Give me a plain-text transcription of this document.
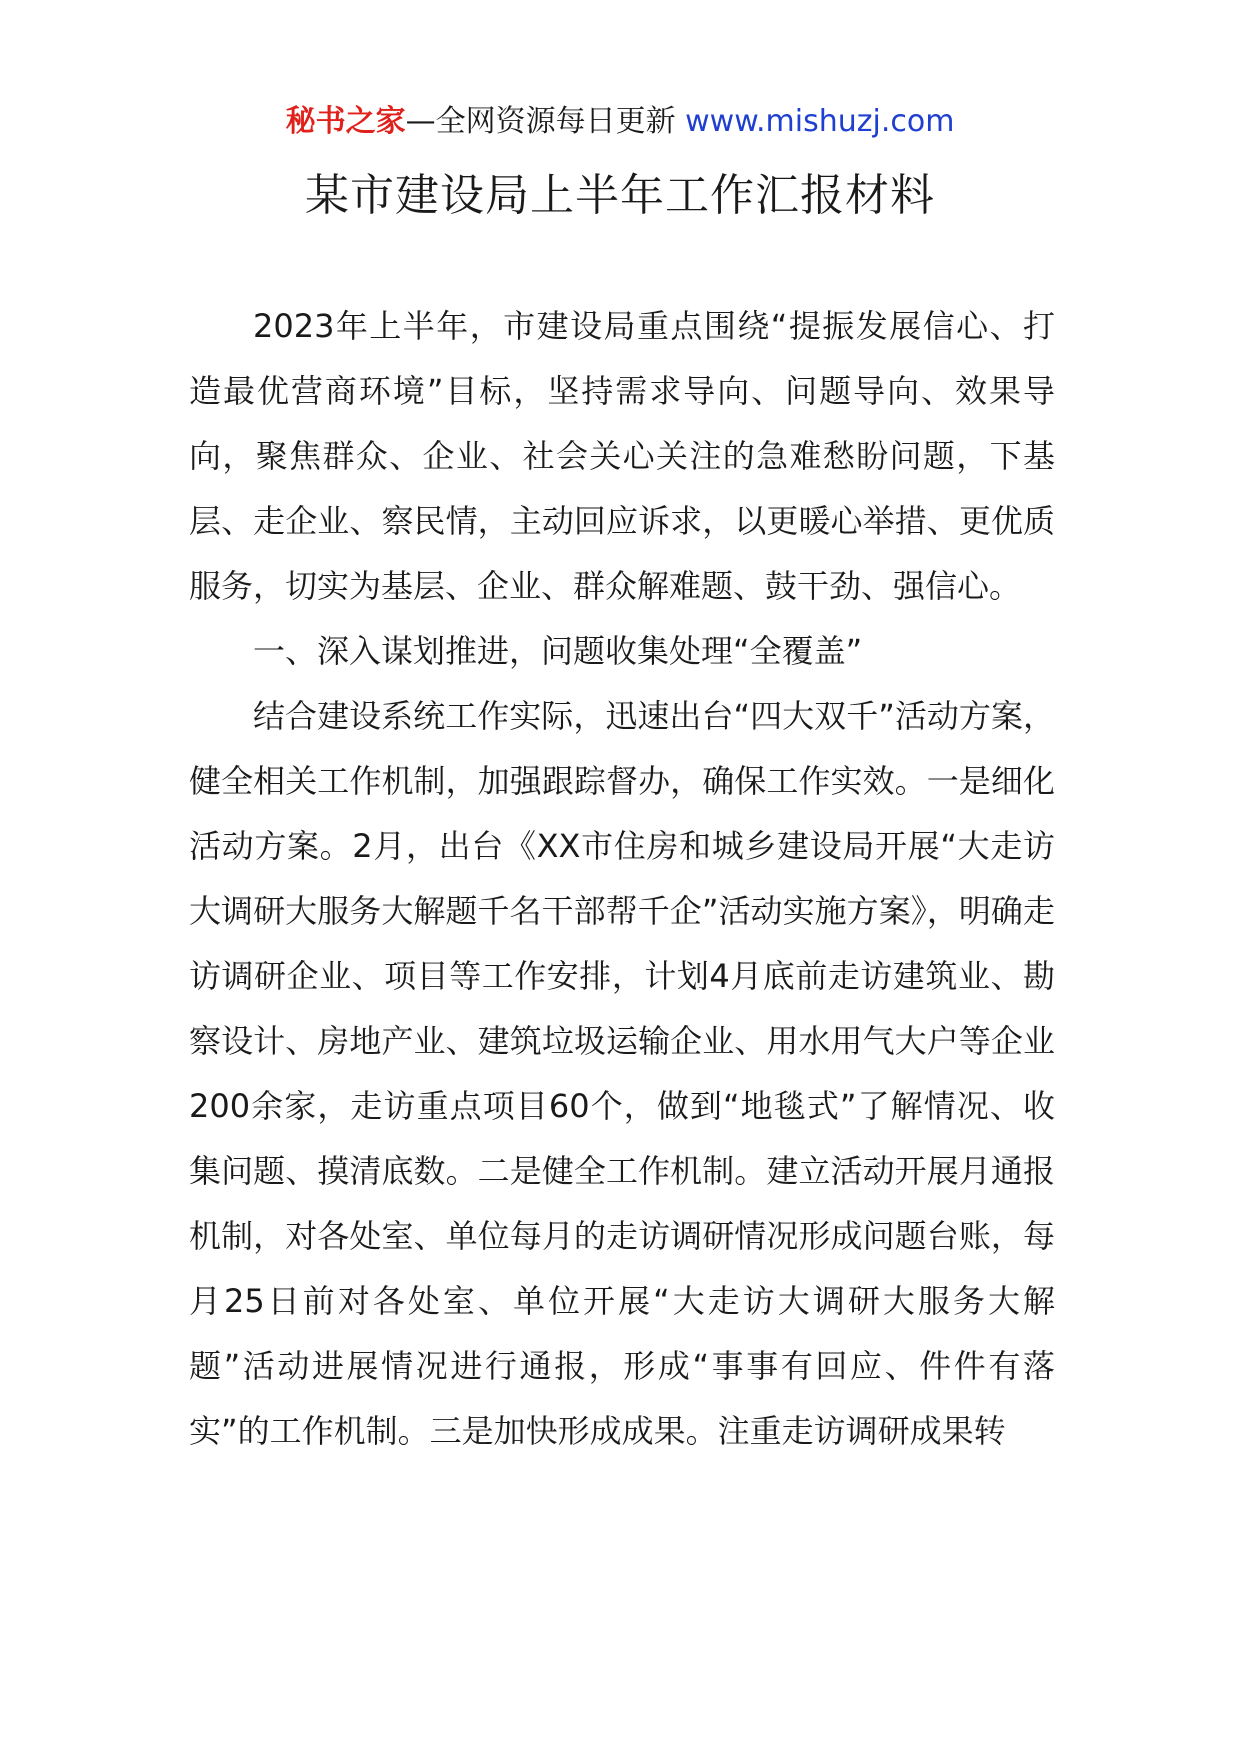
秘书之家—全网资源每日更新 www.mishuzj.com
某市建设局上半年工作汇报材料

2023年上半年，市建设局重点围绕“提振发展信心、打造最优营商环境”目标，坚持需求导向、问题导向、效果导向，聚焦群众、企业、社会关心关注的急难愁盼问题，下基层、走企业、察民情，主动回应诉求，以更暖心举措、更优质服务，切实为基层、企业、群众解难题、鼓干劲、强信心。

一、深入谋划推进，问题收集处理“全覆盖”

结合建设系统工作实际，迅速出台“四大双千”活动方案，健全相关工作机制，加强跟踪督办，确保工作实效。一是细化活动方案。2月，出台《XX市住房和城乡建设局开展“大走访大调研大服务大解题千名干部帮千企”活动实施方案》，明确走访调研企业、项目等工作安排，计划4月底前走访建筑业、勘察设计、房地产业、建筑垃圾运输企业、用水用气大户等企业200余家，走访重点项目60个，做到“地毯式”了解情况、收集问题、摸清底数。二是健全工作机制。建立活动开展月通报机制，对各处室、单位每月的走访调研情况形成问题台账，每月25日前对各处室、单位开展“大走访大调研大服务大解题”活动进展情况进行通报，形成“事事有回应、件件有落实”的工作机制。三是加快形成成果。注重走访调研成果转
